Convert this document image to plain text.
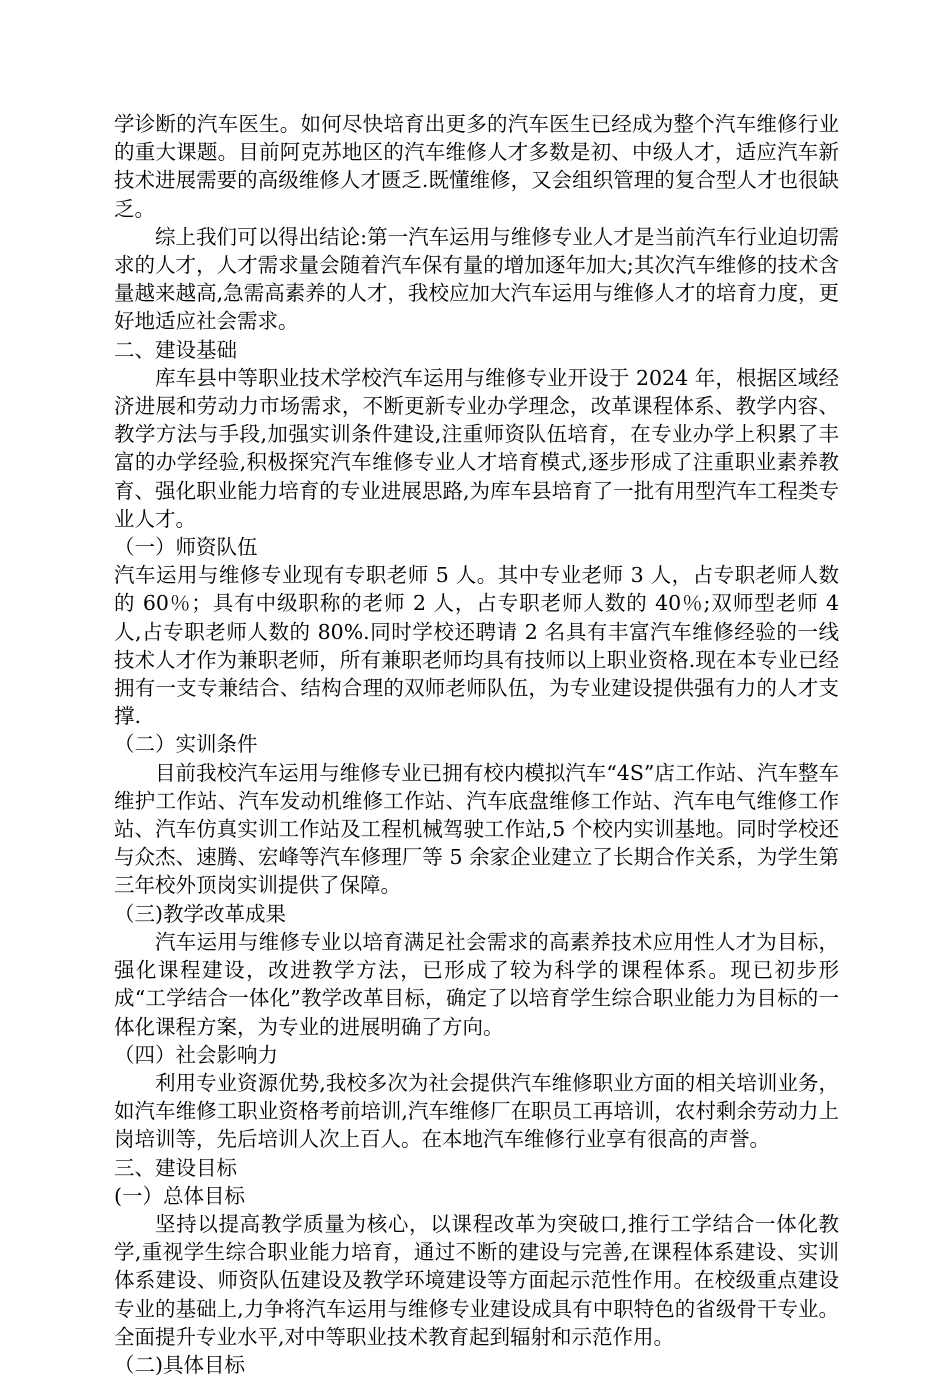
学诊断的汽车医生。如何尽快培育出更多的汽车医生已经成为整个汽车维修行业的重大课题。目前阿克苏地区的汽车维修人才多数是初、中级人才，适应汽车新技术进展需要的高级维修人才匮乏.既懂维修，又会组织管理的复合型人才也很缺乏。

综上我们可以得出结论:第一汽车运用与维修专业人才是当前汽车行业迫切需求的人才，人才需求量会随着汽车保有量的增加逐年加大;其次汽车维修的技术含量越来越高,急需高素养的人才，我校应加大汽车运用与维修人才的培育力度，更好地适应社会需求。

二、建设基础

库车县中等职业技术学校汽车运用与维修专业开设于 2024 年，根据区域经济进展和劳动力市场需求，不断更新专业办学理念，改革课程体系、教学内容、教学方法与手段,加强实训条件建设,注重师资队伍培育，在专业办学上积累了丰富的办学经验,积极探究汽车维修专业人才培育模式,逐步形成了注重职业素养教育、强化职业能力培育的专业进展思路,为库车县培育了一批有用型汽车工程类专业人才。

（一）师资队伍

汽车运用与维修专业现有专职老师 5 人。其中专业老师 3 人，占专职老师人数的 60％；具有中级职称的老师 2 人，占专职老师人数的 40％;双师型老师 4 人,占专职老师人数的 80%.同时学校还聘请 2 名具有丰富汽车维修经验的一线技术人才作为兼职老师，所有兼职老师均具有技师以上职业资格.现在本专业已经拥有一支专兼结合、结构合理的双师老师队伍，为专业建设提供强有力的人才支撑.

（二）实训条件

目前我校汽车运用与维修专业已拥有校内模拟汽车“4S”店工作站、汽车整车维护工作站、汽车发动机维修工作站、汽车底盘维修工作站、汽车电气维修工作站、汽车仿真实训工作站及工程机械驾驶工作站,5 个校内实训基地。同时学校还与众杰、速腾、宏峰等汽车修理厂等 5 余家企业建立了长期合作关系，为学生第三年校外顶岗实训提供了保障。

（三)教学改革成果

汽车运用与维修专业以培育满足社会需求的高素养技术应用性人才为目标，强化课程建设，改进教学方法，已形成了较为科学的课程体系。现已初步形成“工学结合一体化”教学改革目标，确定了以培育学生综合职业能力为目标的一体化课程方案，为专业的进展明确了方向。

（四）社会影响力

利用专业资源优势,我校多次为社会提供汽车维修职业方面的相关培训业务，如汽车维修工职业资格考前培训,汽车维修厂在职员工再培训，农村剩余劳动力上岗培训等，先后培训人次上百人。在本地汽车维修行业享有很高的声誉。

三、建设目标

(一）总体目标

坚持以提高教学质量为核心，以课程改革为突破口,推行工学结合一体化教学,重视学生综合职业能力培育，通过不断的建设与完善,在课程体系建设、实训体系建设、师资队伍建设及教学环境建设等方面起示范性作用。在校级重点建设专业的基础上,力争将汽车运用与维修专业建设成具有中职特色的省级骨干专业。全面提升专业水平,对中等职业技术教育起到辐射和示范作用。

（二)具体目标
